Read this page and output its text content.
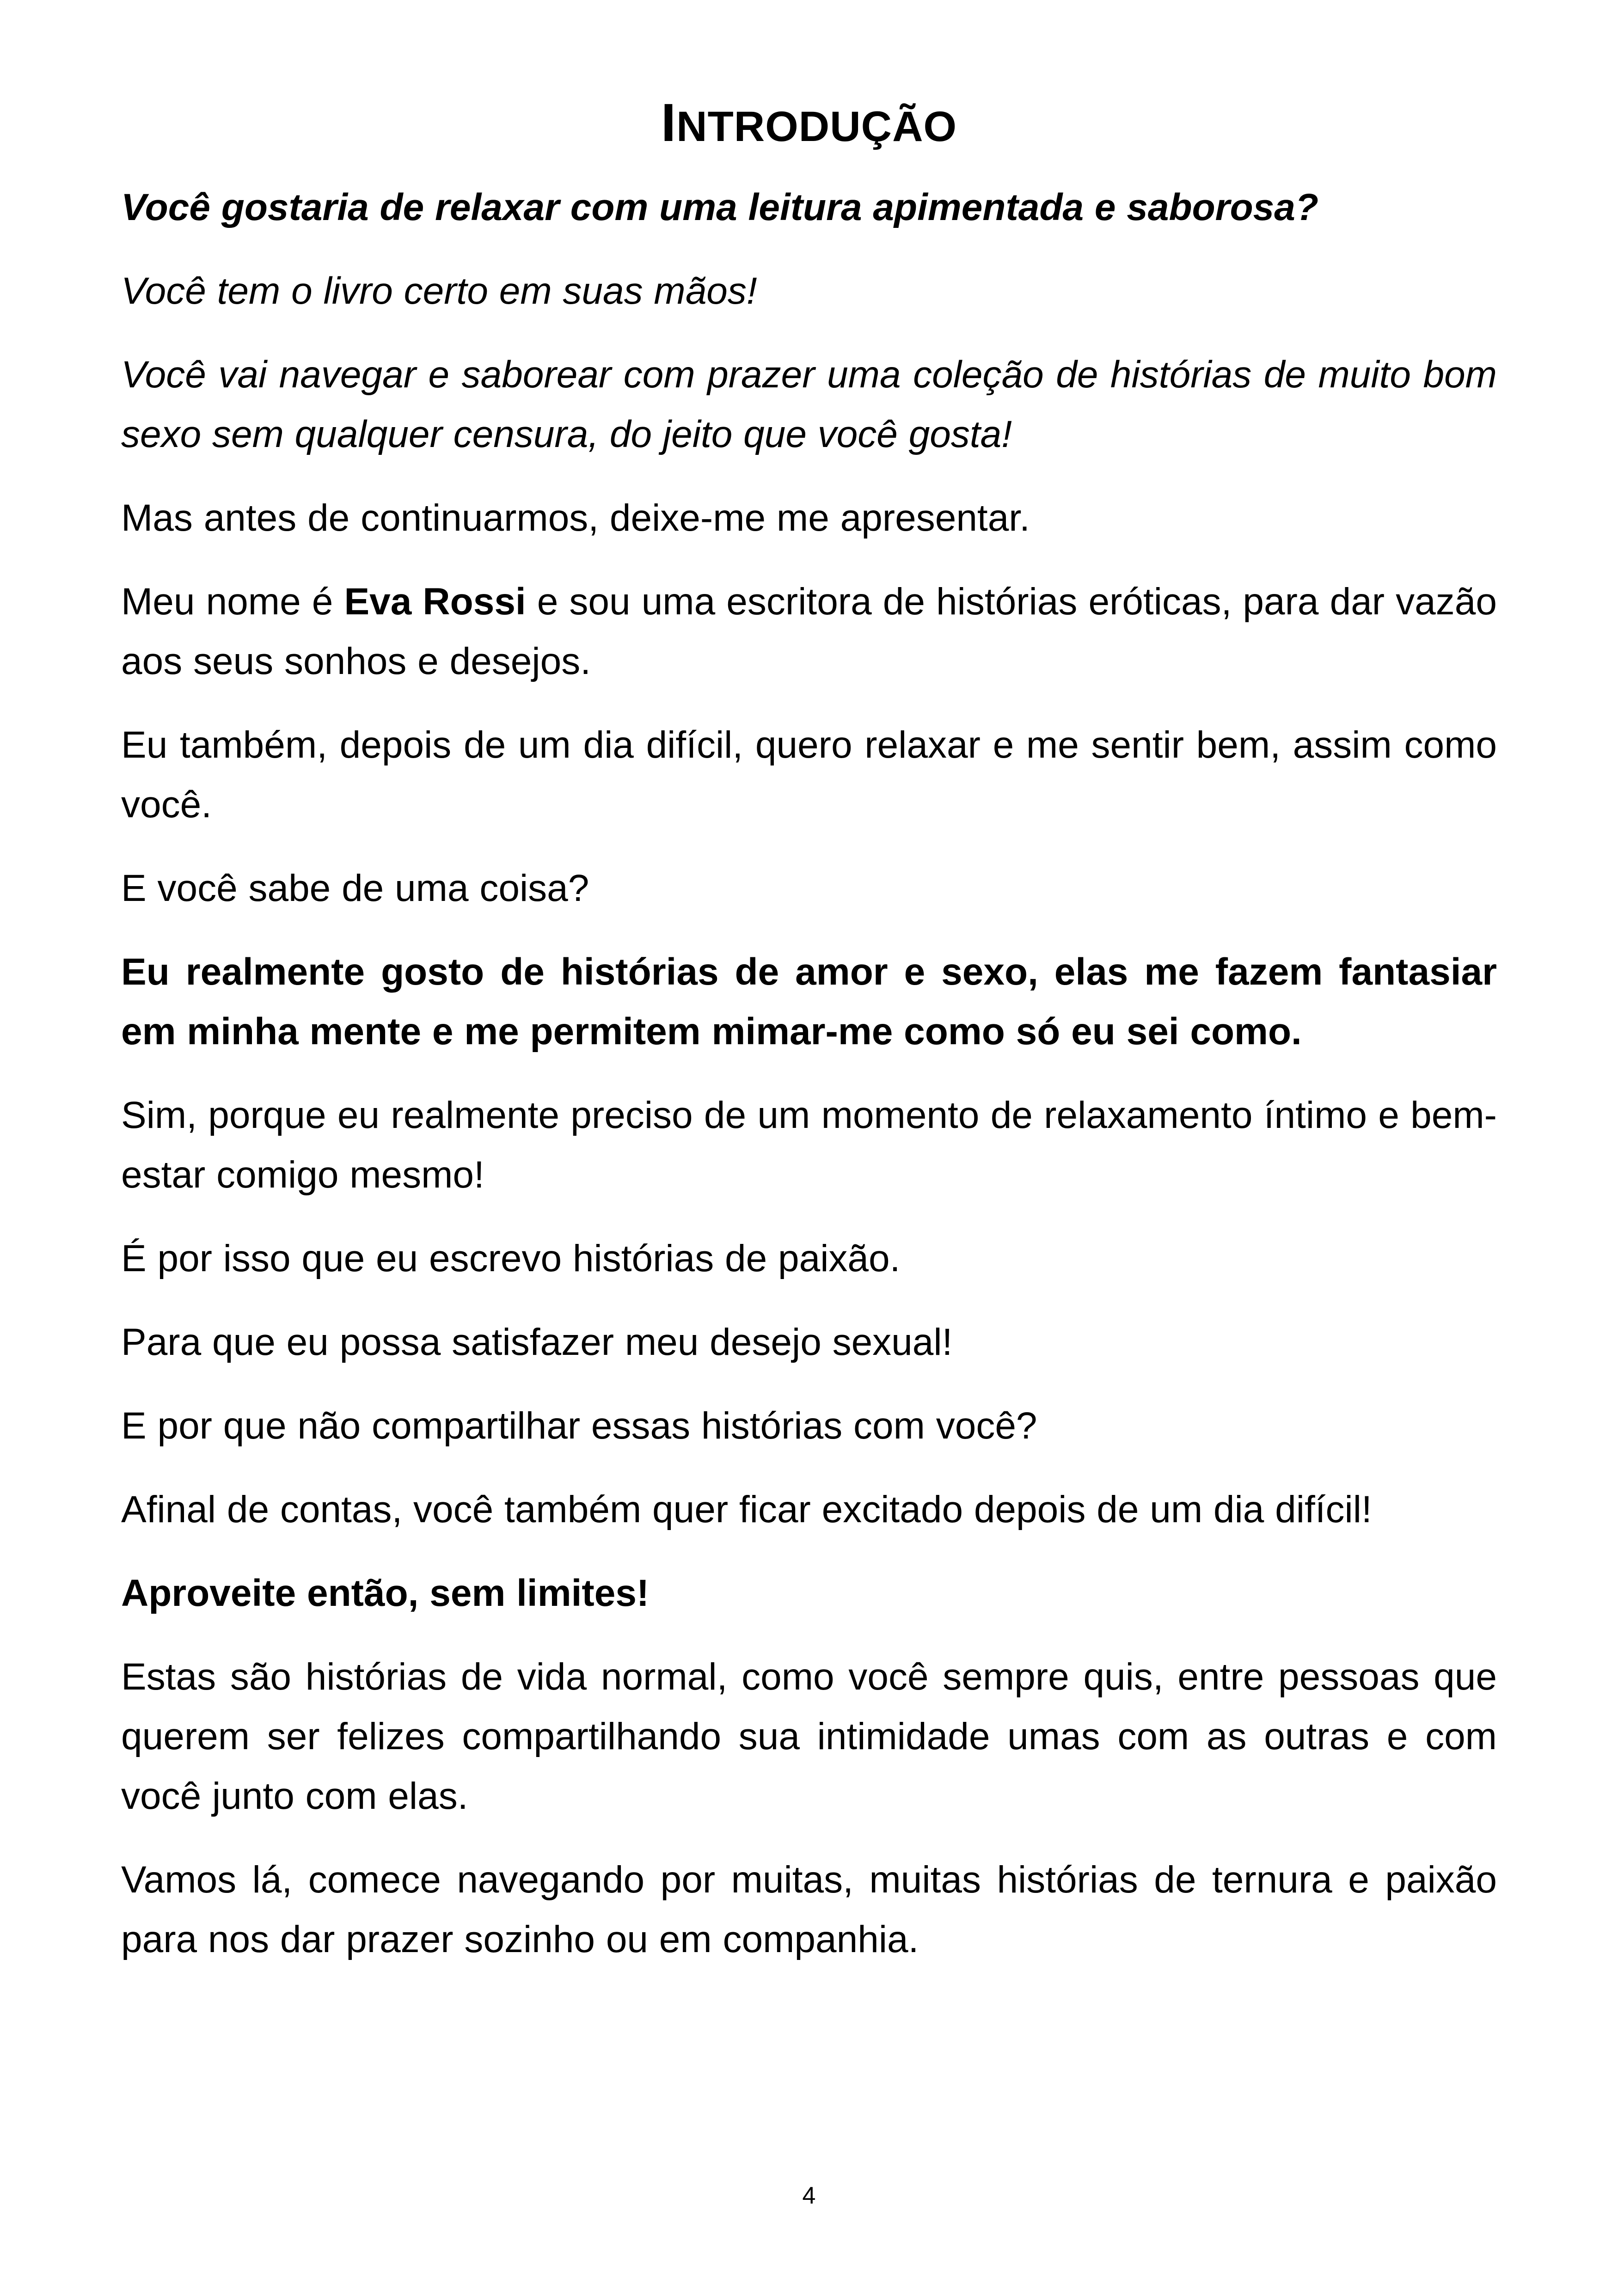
INTRODUÇÃO

Você gostaria de relaxar com uma leitura apimentada e saborosa?

Você tem o livro certo em suas mãos!

Você vai navegar e saborear com prazer uma coleção de histórias de muito bom sexo sem qualquer censura, do jeito que você gosta!

Mas antes de continuarmos, deixe-me me apresentar.

Meu nome é Eva Rossi e sou uma escritora de histórias eróticas, para dar vazão aos seus sonhos e desejos.

Eu também, depois de um dia difícil, quero relaxar e me sentir bem, assim como você.

E você sabe de uma coisa?

Eu realmente gosto de histórias de amor e sexo, elas me fazem fantasiar em minha mente e me permitem mimar-me como só eu sei como.

Sim, porque eu realmente preciso de um momento de relaxamento íntimo e bem-estar comigo mesmo!

É por isso que eu escrevo histórias de paixão.

Para que eu possa satisfazer meu desejo sexual!

E por que não compartilhar essas histórias com você?

Afinal de contas, você também quer ficar excitado depois de um dia difícil!

Aproveite então, sem limites!

Estas são histórias de vida normal, como você sempre quis, entre pessoas que querem ser felizes compartilhando sua intimidade umas com as outras e com você junto com elas.

Vamos lá, comece navegando por muitas, muitas histórias de ternura e paixão para nos dar prazer sozinho ou em companhia.

4
